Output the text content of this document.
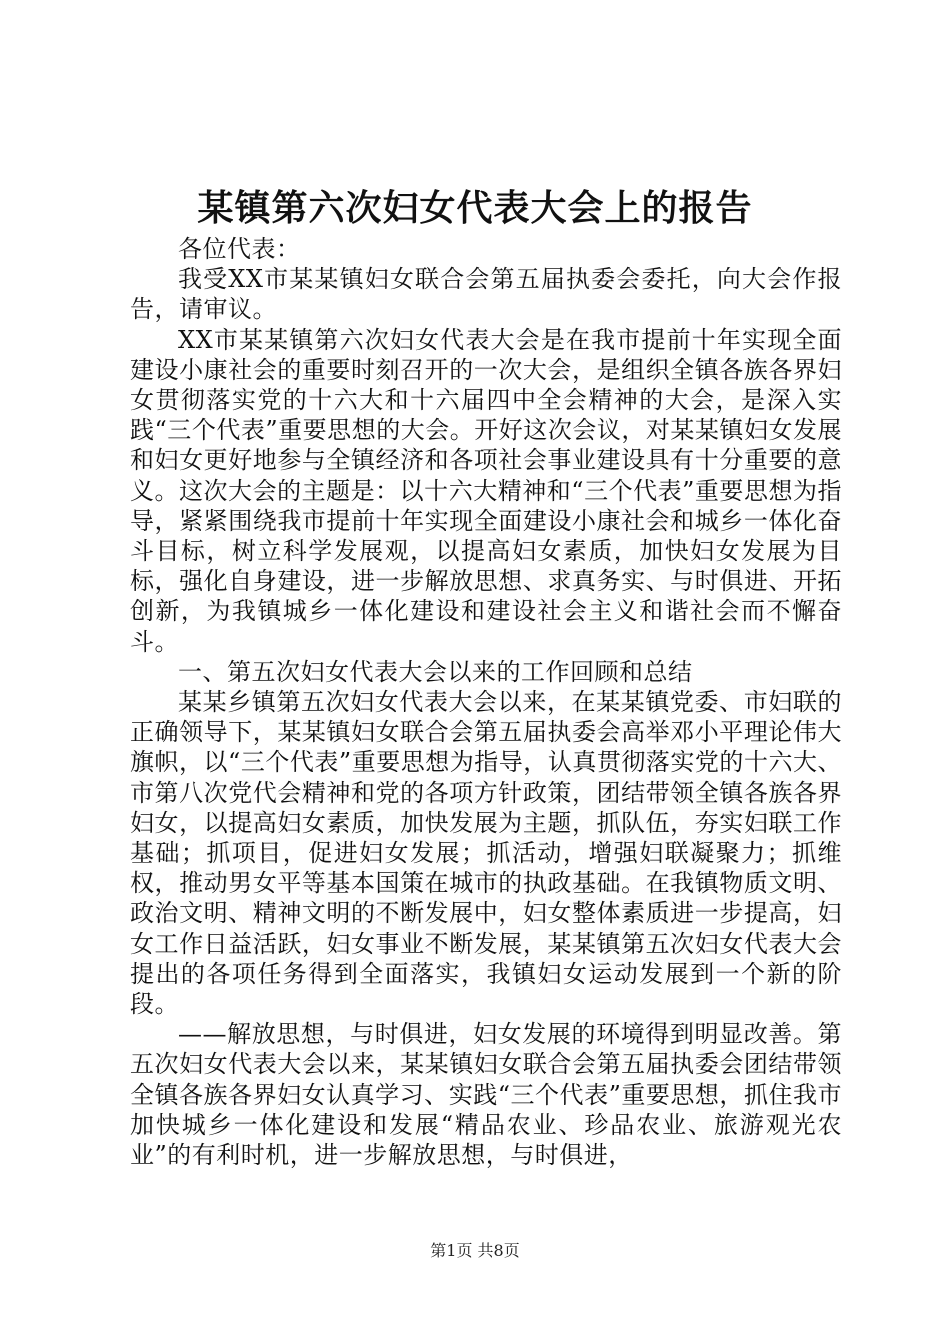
某镇第六次妇女代表大会上的报告

各位代表：

我受XX市某某镇妇女联合会第五届执委会委托，向大会作报告，请审议。

XX市某某镇第六次妇女代表大会是在我市提前十年实现全面建设小康社会的重要时刻召开的一次大会，是组织全镇各族各界妇女贯彻落实党的十六大和十六届四中全会精神的大会，是深入实践“三个代表”重要思想的大会。开好这次会议，对某某镇妇女发展和妇女更好地参与全镇经济和各项社会事业建设具有十分重要的意义。这次大会的主题是：以十六大精神和“三个代表”重要思想为指导，紧紧围绕我市提前十年实现全面建设小康社会和城乡一体化奋斗目标，树立科学发展观，以提高妇女素质，加快妇女发展为目标，强化自身建设，进一步解放思想、求真务实、与时俱进、开拓创新，为我镇城乡一体化建设和建设社会主义和谐社会而不懈奋斗。

一、第五次妇女代表大会以来的工作回顾和总结

某某乡镇第五次妇女代表大会以来，在某某镇党委、市妇联的正确领导下，某某镇妇女联合会第五届执委会高举邓小平理论伟大旗帜，以“三个代表”重要思想为指导，认真贯彻落实党的十六大、市第八次党代会精神和党的各项方针政策，团结带领全镇各族各界妇女，以提高妇女素质，加快发展为主题，抓队伍，夯实妇联工作基础；抓项目，促进妇女发展；抓活动，增强妇联凝聚力；抓维权，推动男女平等基本国策在城市的执政基础。在我镇物质文明、政治文明、精神文明的不断发展中，妇女整体素质进一步提高，妇女工作日益活跃，妇女事业不断发展，某某镇第五次妇女代表大会提出的各项任务得到全面落实，我镇妇女运动发展到一个新的阶段。

——解放思想，与时俱进，妇女发展的环境得到明显改善。第五次妇女代表大会以来，某某镇妇女联合会第五届执委会团结带领全镇各族各界妇女认真学习、实践“三个代表”重要思想，抓住我市加快城乡一体化建设和发展“精品农业、珍品农业、旅游观光农业”的有利时机，进一步解放思想，与时俱进，

第1页 共8页
